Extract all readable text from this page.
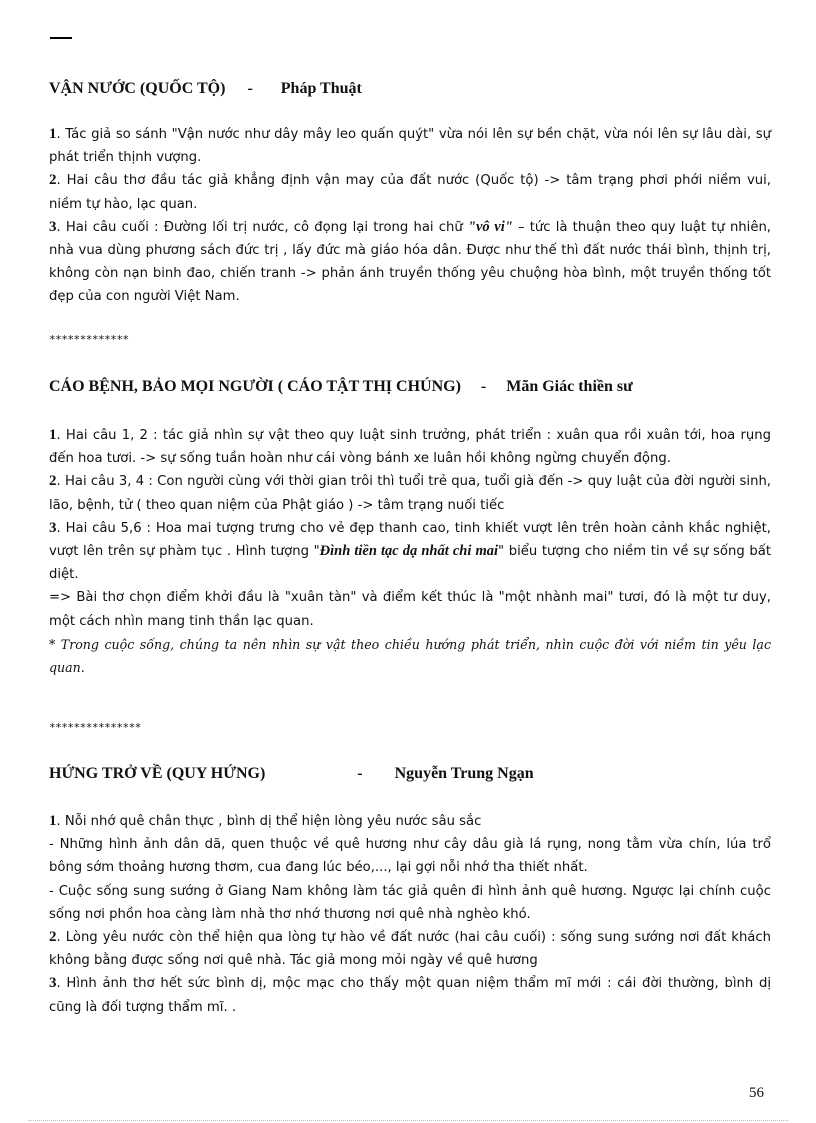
VẬN NƯỚC (QUỐC TỘ) - Pháp Thuật

1. Tác giả so sánh "Vận nước như dây mây leo quấn quýt" vừa nói lên sự bền chặt, vừa nói lên sự lâu dài, sự phát triển thịnh vượng.

2. Hai câu thơ đầu tác giả khẳng định vận may của đất nước (Quốc tộ) -> tâm trạng phơi phới niềm vui, niềm tự hào, lạc quan.

3. Hai câu cuối : Đường lối trị nước, cô đọng lại trong hai chữ "vô vi" – tức là thuận theo quy luật tự nhiên, nhà vua dùng phương sách đức trị , lấy đức mà giáo hóa dân. Được như thế thì đất nước thái bình, thịnh trị, không còn nạn binh đao, chiến tranh -> phản ánh truyền thống yêu chuộng hòa bình, một truyền thống tốt đẹp của con người Việt Nam.

*************
CÁO BỆNH, BẢO MỌI NGƯỜI ( CÁO TẬT THỊ CHÚNG) - Mãn Giác thiền sư

1. Hai câu 1, 2 : tác giả nhìn sự vật theo quy luật sinh trưởng, phát triển : xuân qua rồi xuân tới, hoa rụng đến hoa tươi. -> sự sống tuần hoàn như cái vòng bánh xe luân hồi không ngừng chuyển động.

2. Hai câu 3, 4 : Con người cùng với thời gian trôi thì tuổi trẻ qua, tuổi già đến -> quy luật của đời người sinh, lão, bệnh, tử ( theo quan niệm của Phật giáo ) -> tâm trạng nuối tiếc

3. Hai câu 5,6 : Hoa mai tượng trưng cho vẻ đẹp thanh cao, tinh khiết vượt lên trên hoàn cảnh khắc nghiệt, vượt lên trên sự phàm tục . Hình tượng "Đình tiền tạc dạ nhất chi mai" biểu tượng cho niềm tin về sự sống bất diệt.

=> Bài thơ chọn điểm khởi đầu là "xuân tàn" và điểm kết thúc là "một nhành mai" tươi, đó là một tư duy, một cách nhìn mang tinh thần lạc quan.

* Trong cuộc sống, chúng ta nên nhìn sự vật theo chiều hướng phát triển, nhìn cuộc đời với niềm tin yêu lạc quan.

***************
HỨNG TRỞ VỀ (QUY HỨNG)	- Nguyễn Trung Ngạn

1. Nỗi nhớ quê chân thực , bình dị thể hiện lòng yêu nước sâu sắc

- Những hình ảnh dân dã, quen thuộc về quê hương như cây dâu già lá rụng, nong tằm vừa chín, lúa trổ bông sớm thoảng hương thơm, cua đang lúc béo,..., lại gợi nỗi nhớ tha thiết nhất.

- Cuộc sống sung sướng ở Giang Nam không làm tác giả quên đi hình ảnh quê hương. Ngược lại chính cuộc sống nơi phồn hoa càng làm nhà thơ nhớ thương nơi quê nhà nghèo khó.

2. Lòng yêu nước còn thể hiện qua lòng tự hào về đất nước (hai câu cuối) : sống sung sướng nơi đất khách không bằng được sống nơi quê nhà. Tác giả mong mỏi ngày về quê hương

3. Hình ảnh thơ hết sức bình dị, mộc mạc cho thấy một quan niệm thẩm mĩ mới : cái đời thường, bình dị cũng là đối tượng thẩm mĩ. .

56
